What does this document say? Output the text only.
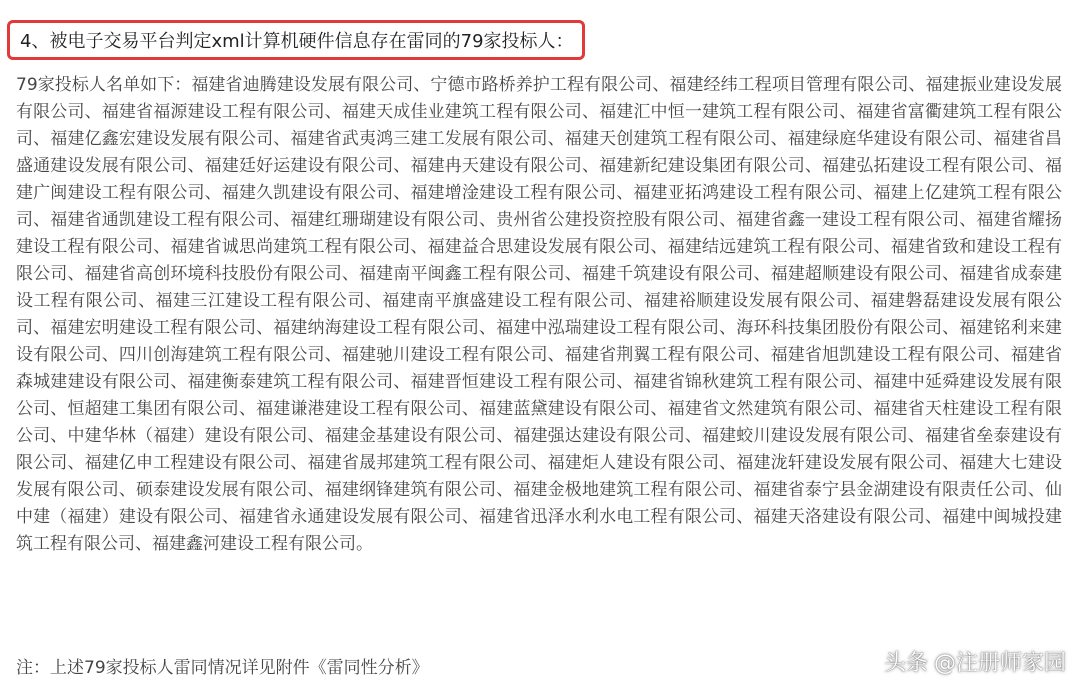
4、被电子交易平台判定xml计算机硬件信息存在雷同的79家投标人：

79家投标人名单如下：福建省迪腾建设发展有限公司、宁德市路桥养护工程有限公司、福建经纬工程项目管理有限公司、福建振业建设发展有限公司、福建省福源建设工程有限公司、福建天成佳业建筑工程有限公司、福建汇中恒一建筑工程有限公司、福建省富衢建筑工程有限公司、福建亿鑫宏建设发展有限公司、福建省武夷鸿三建工发展有限公司、福建天创建筑工程有限公司、福建绿庭华建设有限公司、福建省昌盛通建设发展有限公司、福建廷好运建设有限公司、福建冉天建设有限公司、福建新纪建设集团有限公司、福建弘拓建设工程有限公司、福建广闽建设工程有限公司、福建久凯建设有限公司、福建增淦建设工程有限公司、福建亚拓鸿建设工程有限公司、福建上亿建筑工程有限公司、福建省通凯建设工程有限公司、福建红珊瑚建设有限公司、贵州省公建投资控股有限公司、福建省鑫一建设工程有限公司、福建省耀扬建设工程有限公司、福建省诚思尚建筑工程有限公司、福建益合思建设发展有限公司、福建结远建筑工程有限公司、福建省致和建设工程有限公司、福建省高创环境科技股份有限公司、福建南平闽鑫工程有限公司、福建千筑建设有限公司、福建超顺建设有限公司、福建省成泰建设工程有限公司、福建三江建设工程有限公司、福建南平旗盛建设工程有限公司、福建裕顺建设发展有限公司、福建磐磊建设发展有限公司、福建宏明建设工程有限公司、福建纳海建设工程有限公司、福建中泓瑞建设工程有限公司、海环科技集团股份有限公司、福建铭利来建设有限公司、四川创海建筑工程有限公司、福建驰川建设工程有限公司、福建省荆翼工程有限公司、福建省旭凯建设工程有限公司、福建省森城建建设有限公司、福建衡泰建筑工程有限公司、福建晋恒建设工程有限公司、福建省锦秋建筑工程有限公司、福建中延舜建设发展有限公司、恒超建工集团有限公司、福建谦港建设工程有限公司、福建蓝黛建设有限公司、福建省文然建筑有限公司、福建省天柱建设工程有限公司、中建华林（福建）建设有限公司、福建金基建设有限公司、福建强达建设有限公司、福建蛟川建设发展有限公司、福建省垒泰建设有限公司、福建亿申工程建设有限公司、福建省晟邦建筑工程有限公司、福建炬人建设有限公司、福建泷轩建设发展有限公司、福建大七建设发展有限公司、硕泰建设发展有限公司、福建纲锋建筑有限公司、福建金极地建筑工程有限公司、福建省泰宁县金湖建设有限责任公司、仙中建（福建）建设有限公司、福建省永通建设发展有限公司、福建省迅泽水利水电工程有限公司、福建天洛建设有限公司、福建中闽城投建筑工程有限公司、福建鑫河建设工程有限公司。

注：上述79家投标人雷同情况详见附件《雷同性分析》	头条 @注册师家园
